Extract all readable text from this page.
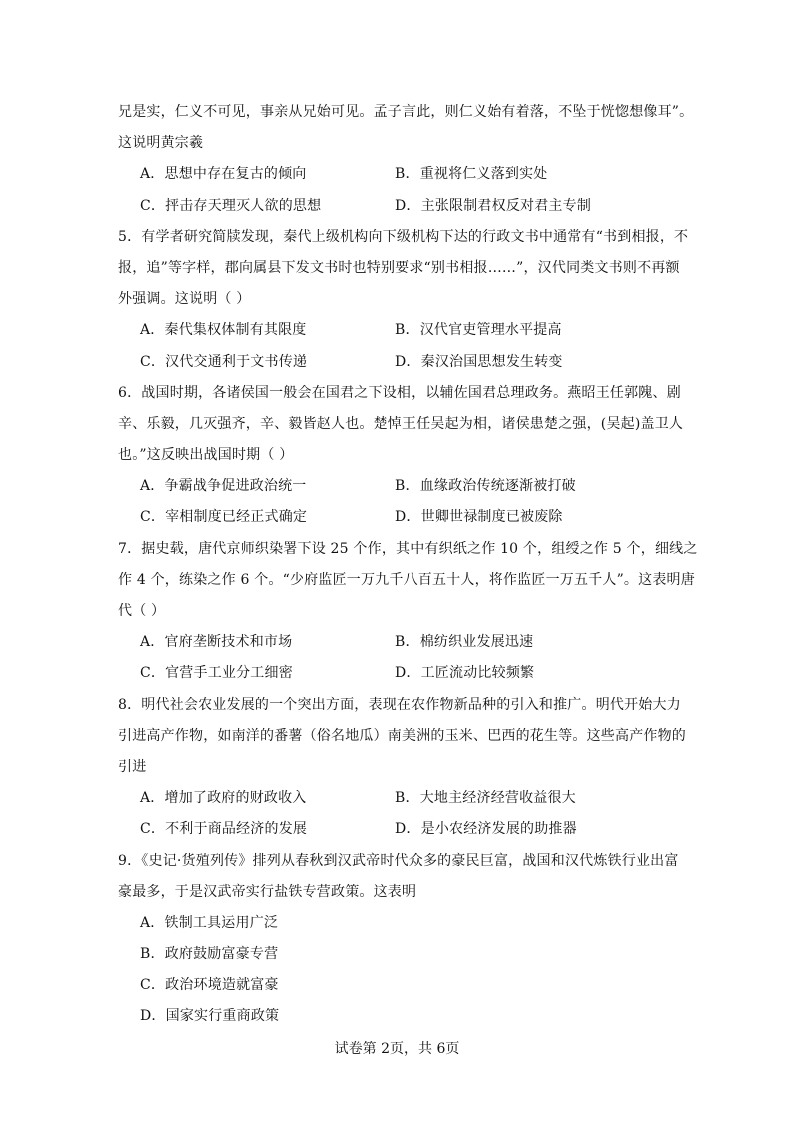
兄是实，仁义不可见，事亲从兄始可见。孟子言此，则仁义始有着落，不坠于恍惚想像耳”。
这说明黄宗羲
A．思想中存在复古的倾向	B．重视将仁义落到实处
C．抨击存天理灭人欲的思想	D．主张限制君权反对君主专制
5．有学者研究简牍发现，秦代上级机构向下级机构下达的行政文书中通常有“书到相报，不
报，追”等字样，郡向属县下发文书时也特别要求“别书相报……”，汉代同类文书则不再额
外强调。这说明（ ）
A．秦代集权体制有其限度	B．汉代官吏管理水平提高
C．汉代交通利于文书传递	D．秦汉治国思想发生转变
6．战国时期，各诸侯国一般会在国君之下设相，以辅佐国君总理政务。燕昭王任郭隗、剧
辛、乐毅，几灭强齐，辛、毅皆赵人也。楚悼王任吴起为相，诸侯患楚之强，(吴起)盖卫人
也。”这反映出战国时期（ ）
A．争霸战争促进政治统一	B．血缘政治传统逐渐被打破
C．宰相制度已经正式确定	D．世卿世禄制度已被废除
7．据史载，唐代京师织染署下设 25 个作，其中有织纸之作 10 个，组绶之作 5 个，细线之
作 4 个，练染之作 6 个。“少府监匠一万九千八百五十人，将作监匠一万五千人”。这表明唐
代（ ）
A．官府垄断技术和市场	B．棉纺织业发展迅速
C．官营手工业分工细密	D．工匠流动比较频繁
8．明代社会农业发展的一个突出方面，表现在农作物新品种的引入和推广。明代开始大力
引进高产作物，如南洋的番薯（俗名地瓜）南美洲的玉米、巴西的花生等。这些高产作物的
引进
A．增加了政府的财政收入	B．大地主经济经营收益很大
C．不利于商品经济的发展	D．是小农经济发展的助推器
9．《史记·货殖列传》排列从春秋到汉武帝时代众多的豪民巨富，战国和汉代炼铁行业出富
豪最多，于是汉武帝实行盐铁专营政策。这表明
A．铁制工具运用广泛
B．政府鼓励富豪专营
C．政治环境造就富豪
D．国家实行重商政策
试卷第 2页，共 6页
